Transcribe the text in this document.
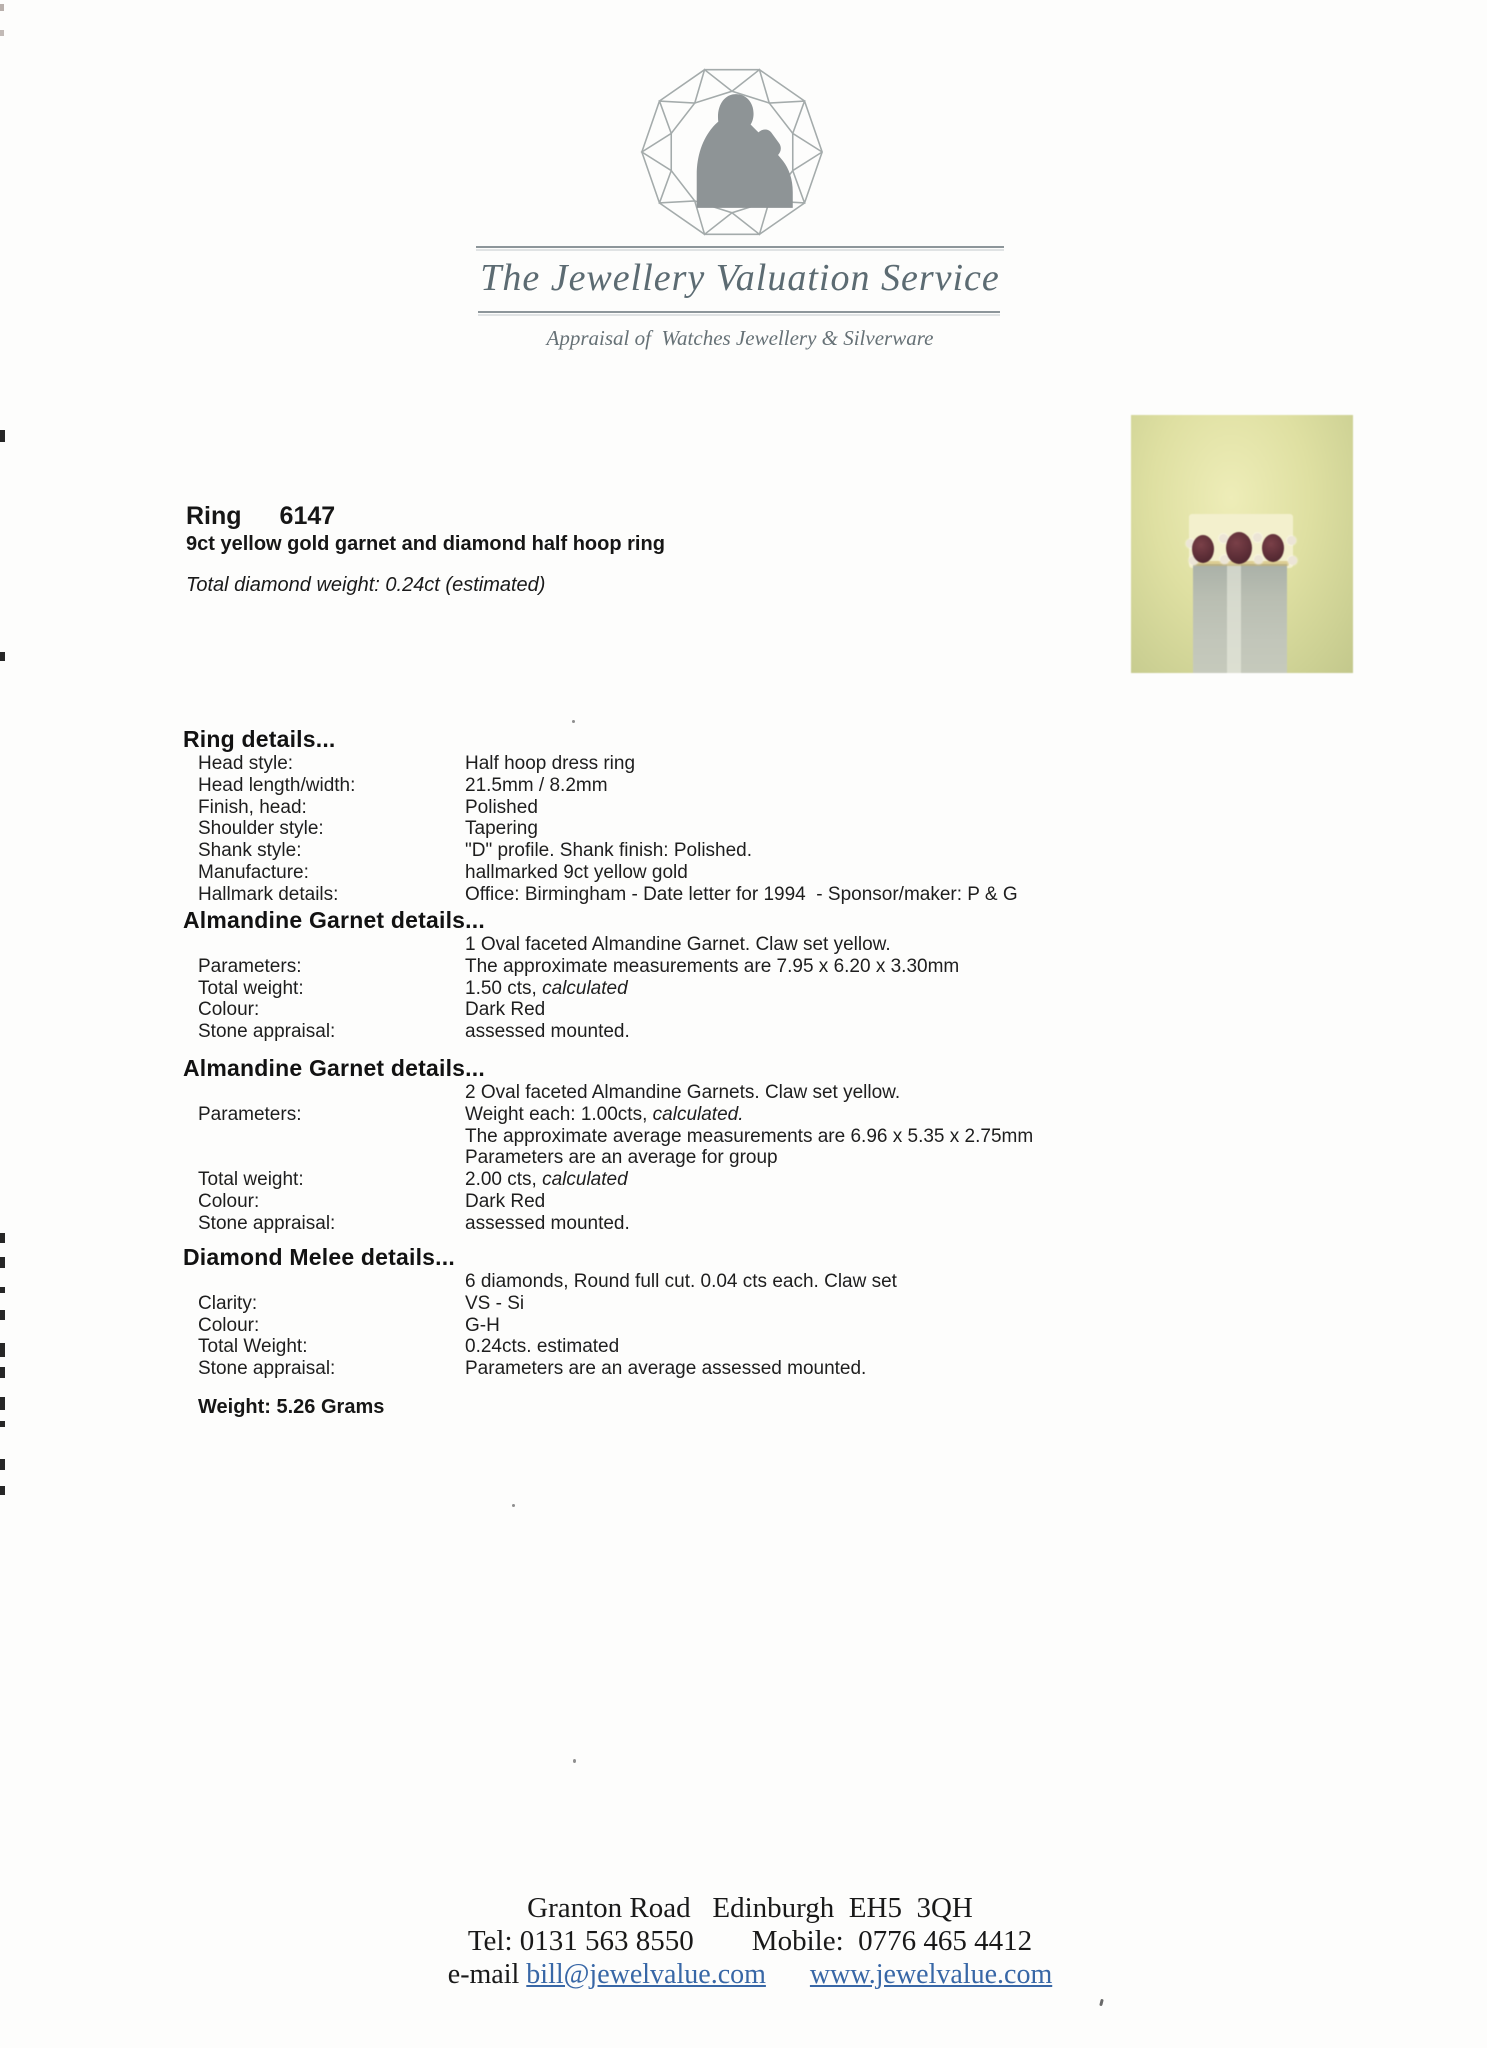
The Jewellery Valuation Service
Appraisal of  Watches Jewellery & Silverware
Ring 6147
9ct yellow gold garnet and diamond half hoop ring
Total diamond weight: 0.24ct (estimated)
Ring details...
Head style:	Half hoop dress ring
Head length/width:	21.5mm / 8.2mm
Finish, head:	Polished
Shoulder style:	Tapering
Shank style:	"D" profile. Shank finish: Polished.
Manufacture:	hallmarked 9ct yellow gold
Hallmark details:	Office: Birmingham - Date letter for 1994  - Sponsor/maker: P & G
Almandine Garnet details...
1 Oval faceted Almandine Garnet. Claw set yellow.
Parameters:	The approximate measurements are 7.95 x 6.20 x 3.30mm
Total weight:	1.50 cts, calculated
Colour:	Dark Red
Stone appraisal:	assessed mounted.
Almandine Garnet details...
2 Oval faceted Almandine Garnets. Claw set yellow.
Parameters:	Weight each: 1.00cts, calculated.
The approximate average measurements are 6.96 x 5.35 x 2.75mm
Parameters are an average for group
Total weight:	2.00 cts, calculated
Colour:	Dark Red
Stone appraisal:	assessed mounted.
Diamond Melee details...
6 diamonds, Round full cut. 0.04 cts each. Claw set
Clarity:	VS - Si
Colour:	G-H
Total Weight:	0.24cts. estimated
Stone appraisal:	Parameters are an average assessed mounted.
Weight: 5.26 Grams
Granton Road   Edinburgh  EH5  3QH
Tel: 0131 563 8550 Mobile:  0776 465 4412
e-mail bill@jewelvalue.com www.jewelvalue.com
